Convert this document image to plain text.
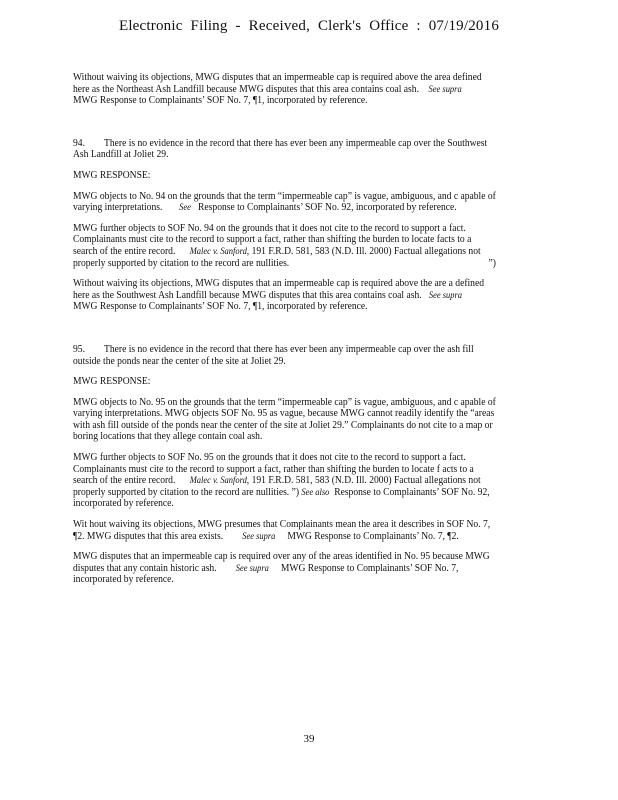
Electronic Filing - Received, Clerk's Office : 07/19/2016

Without waiving its objections, MWG disputes that an impermeable cap is required above the area defined here as the Northeast Ash Landfill because MWG disputes that this area contains coal ash. See supra     MWG Response to Complainants’ SOF No. 7, ¶1, incorporated by reference.

94. There is no evidence in the record that there has ever been any impermeable cap over the Southwest Ash Landfill at Joliet 29.

MWG RESPONSE:

MWG objects to No. 94 on the grounds that the term “impermeable cap” is vague, ambiguous, and c apable of varying interpretations. See Response to Complainants’ SOF No. 92, incorporated by reference.

MWG further objects to SOF No. 94 on the grounds that it does not cite to the record to support a fact. Complainants must cite to the record to support a fact, rather than shifting the burden to locate facts to a search of the entire record. Malec v. Sanford, 191 F.R.D. 581, 583 (N.D. Ill. 2000) Factual allegations not properly supported by citation to the record are nullities.	”)

Without waiving its objections, MWG disputes that an impermeable cap is required above the are a defined here as the Southwest Ash Landfill because MWG disputes that this area contains coal ash. See supra     MWG Response to Complainants’ SOF No. 7, ¶1, incorporated by reference.

95. There is no evidence in the record that there has ever been any impermeable cap over the ash fill outside the ponds near the center of the site at Joliet 29.

MWG RESPONSE:

MWG objects to No. 95 on the grounds that the term “impermeable cap” is vague, ambiguous, and c apable of varying interpretations. MWG objects SOF No. 95 as vague, because MWG cannot readily identify the “areas with ash fill outside of the ponds near the center of the site at Joliet 29.” Complainants do not cite to a map or boring locations that they allege contain coal ash.

MWG further objects to SOF No. 95 on the grounds that it does not cite to the record to support a fact. Complainants must cite to the record to support a fact, rather than shifting the burden to locate f acts to a search of the entire record. Malec v. Sanford, 191 F.R.D. 581, 583 (N.D. Ill. 2000) Factual allegations not properly supported by citation to the record are nullities. ”) See also Response to Complainants’ SOF No. 92, incorporated by reference.

Wit hout waiving its objections, MWG presumes that Complainants mean the area it describes in SOF No. 7, ¶2. MWG disputes that this area exists. See supra MWG Response to Complainants’ No. 7, ¶2.

MWG disputes that an impermeable cap is required over any of the areas identified in No. 95 because MWG disputes that any contain historic ash. See supra MWG Response to Complainants’ SOF No. 7, incorporated by reference.

39
